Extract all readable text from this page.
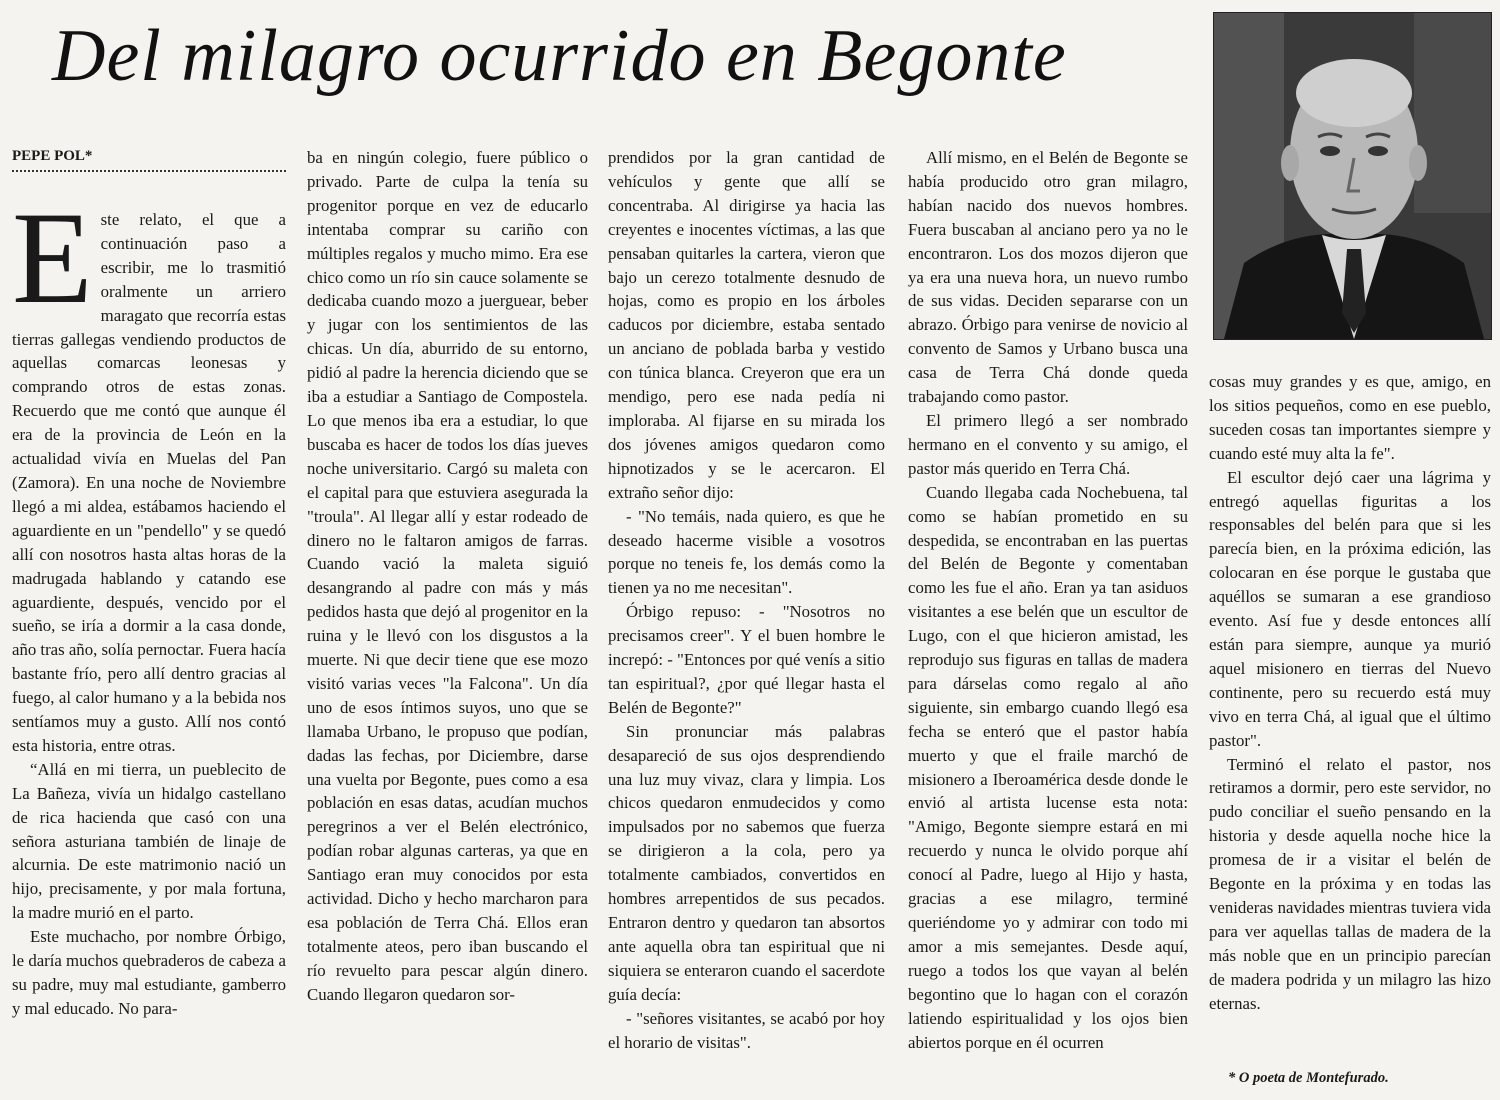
Del milagro ocurrido en Begonte
PEPE POL*

Este relato, el que a continuación paso a escribir, me lo trasmitió oralmente un arriero maragato que recorría estas tierras gallegas vendiendo productos de aquellas comarcas leonesas y comprando otros de estas zonas. Recuerdo que me contó que aunque él era de la provincia de León en la actualidad vivía en Muelas del Pan (Zamora). En una noche de Noviembre llegó a mi aldea, estábamos haciendo el aguardiente en un "pendello" y se quedó allí con nosotros hasta altas horas de la madrugada hablando y catando ese aguardiente, después, vencido por el sueño, se iría a dormir a la casa donde, año tras año, solía pernoctar. Fuera hacía bastante frío, pero allí dentro gracias al fuego, al calor humano y a la bebida nos sentíamos muy a gusto. Allí nos contó esta historia, entre otras.

“Allá en mi tierra, un pueblecito de La Bañeza, vivía un hidalgo castellano de rica hacienda que casó con una señora asturiana también de linaje de alcurnia. De este matrimonio nació un hijo, precisamente, y por mala fortuna, la madre murió en el parto.

Este muchacho, por nombre Órbigo, le daría muchos quebraderos de cabeza a su padre, muy mal estudiante, gamberro y mal educado. No para-

ba en ningún colegio, fuere público o privado. Parte de culpa la tenía su progenitor porque en vez de educarlo intentaba comprar su cariño con múltiples regalos y mucho mimo. Era ese chico como un río sin cauce solamente se dedicaba cuando mozo a juerguear, beber y jugar con los sentimientos de las chicas. Un día, aburrido de su entorno, pidió al padre la herencia diciendo que se iba a estudiar a Santiago de Compostela. Lo que menos iba era a estudiar, lo que buscaba es hacer de todos los días jueves noche universitario. Cargó su maleta con el capital para que estuviera asegurada la "troula". Al llegar allí y estar rodeado de dinero no le faltaron amigos de farras. Cuando vació la maleta siguió desangrando al padre con más y más pedidos hasta que dejó al progenitor en la ruina y le llevó con los disgustos a la muerte. Ni que decir tiene que ese mozo visitó varias veces "la Falcona". Un día uno de esos íntimos suyos, uno que se llamaba Urbano, le propuso que podían, dadas las fechas, por Diciembre, darse una vuelta por Begonte, pues como a esa población en esas datas, acudían muchos peregrinos a ver el Belén electrónico, podían robar algunas carteras, ya que en Santiago eran muy conocidos por esta actividad. Dicho y hecho marcharon para esa población de Terra Chá. Ellos eran totalmente ateos, pero iban buscando el río revuelto para pescar algún dinero. Cuando llegaron quedaron sor-

prendidos por la gran cantidad de vehículos y gente que allí se concentraba. Al dirigirse ya hacia las creyentes e inocentes víctimas, a las que pensaban quitarles la cartera, vieron que bajo un cerezo totalmente desnudo de hojas, como es propio en los árboles caducos por diciembre, estaba sentado un anciano de poblada barba y vestido con túnica blanca. Creyeron que era un mendigo, pero ese nada pedía ni imploraba. Al fijarse en su mirada los dos jóvenes amigos quedaron como hipnotizados y se le acercaron. El extraño señor dijo:

- "No temáis, nada quiero, es que he deseado hacerme visible a vosotros porque no teneis fe, los demás como la tienen ya no me necesitan".

Órbigo repuso: - "Nosotros no precisamos creer". Y el buen hombre le increpó: - "Entonces por qué venís a sitio tan espiritual?, ¿por qué llegar hasta el Belén de Begonte?"

Sin pronunciar más palabras desapareció de sus ojos desprendiendo una luz muy vivaz, clara y limpia. Los chicos quedaron enmudecidos y como impulsados por no sabemos que fuerza se dirigieron a la cola, pero ya totalmente cambiados, convertidos en hombres arrepentidos de sus pecados. Entraron dentro y quedaron tan absortos ante aquella obra tan espiritual que ni siquiera se enteraron cuando el sacerdote guía decía:

- "señores visitantes, se acabó por hoy el horario de visitas".

Allí mismo, en el Belén de Begonte se había producido otro gran milagro, habían nacido dos nuevos hombres. Fuera buscaban al anciano pero ya no le encontraron. Los dos mozos dijeron que ya era una nueva hora, un nuevo rumbo de sus vidas. Deciden separarse con un abrazo. Órbigo para venirse de novicio al convento de Samos y Urbano busca una casa de Terra Chá donde queda trabajando como pastor.

El primero llegó a ser nombrado hermano en el convento y su amigo, el pastor más querido en Terra Chá.

Cuando llegaba cada Nochebuena, tal como se habían prometido en su despedida, se encontraban en las puertas del Belén de Begonte y comentaban como les fue el año. Eran ya tan asiduos visitantes a ese belén que un escultor de Lugo, con el que hicieron amistad, les reprodujo sus figuras en tallas de madera para dárselas como regalo al año siguiente, sin embargo cuando llegó esa fecha se enteró que el pastor había muerto y que el fraile marchó de misionero a Iberoamérica desde donde le envió al artista lucense esta nota: "Amigo, Begonte siempre estará en mi recuerdo y nunca le olvido porque ahí conocí al Padre, luego al Hijo y hasta, gracias a ese milagro, terminé queriéndome yo y admirar con todo mi amor a mis semejantes. Desde aquí, ruego a todos los que vayan al belén begontino que lo hagan con el corazón latiendo espiritualidad y los ojos bien abiertos porque en él ocurren

cosas muy grandes y es que, amigo, en los sitios pequeños, como en ese pueblo, suceden cosas tan importantes siempre y cuando esté muy alta la fe".

El escultor dejó caer una lágrima y entregó aquellas figuritas a los responsables del belén para que si les parecía bien, en la próxima edición, las colocaran en ése porque le gustaba que aquéllos se sumaran a ese grandioso evento. Así fue y desde entonces allí están para siempre, aunque ya murió aquel misionero en tierras del Nuevo continente, pero su recuerdo está muy vivo en terra Chá, al igual que el último pastor".

Terminó el relato el pastor, nos retiramos a dormir, pero este servidor, no pudo conciliar el sueño pensando en la historia y desde aquella noche hice la promesa de ir a visitar el belén de Begonte en la próxima y en todas las venideras navidades mientras tuviera vida para ver aquellas tallas de madera de la más noble que en un principio parecían de madera podrida y un milagro las hizo eternas.

* O poeta de Montefurado.
